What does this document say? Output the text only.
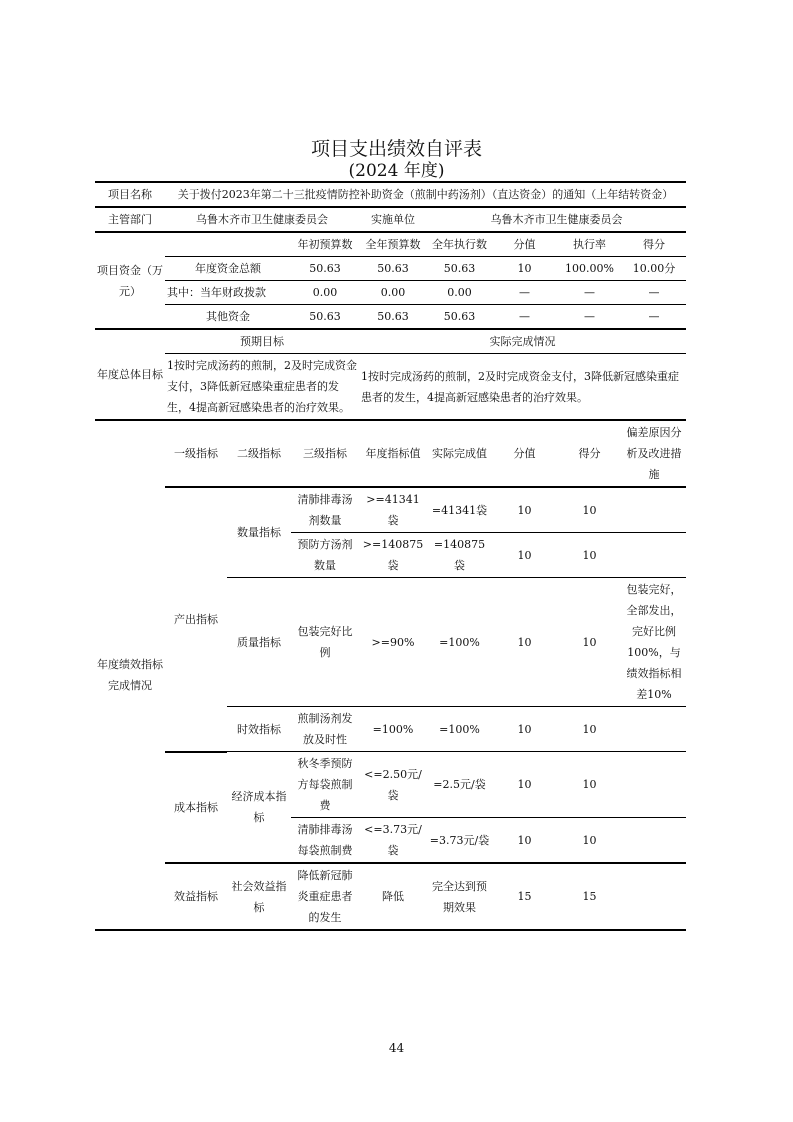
项目支出绩效自评表
(2024 年度)
项目名称	关于拨付2023年第二十三批疫情防控补助资金（煎制中药汤剂）（直达资金）的通知（上年结转资金）							
主管部门	乌鲁木齐市卫生健康委员会			实施单位	乌鲁木齐市卫生健康委员会			
项目资金（万元）			年初预算数	全年预算数	全年执行数	分值	执行率	得分
	年度资金总额		50.63	50.63	50.63	10	100.00%	10.00分
	其中：当年财政拨款		0.00	0.00	0.00	—	—	—
	其他资金		50.63	50.63	50.63	—	—	—
年度总体目标	预期目标			实际完成情况				
	1按时完成汤药的煎制，2及时完成资金支付，3降低新冠感染重症患者的发生，4提高新冠感染患者的治疗效果。			1按时完成汤药的煎制，2及时完成资金支付，3降低新冠感染重症患者的发生，4提高新冠感染患者的治疗效果。				
年度绩效指标完成情况	一级指标	二级指标	三级指标	年度指标值	实际完成值	分值	得分	偏差原因分析及改进措施
	产出指标	数量指标	清肺排毒汤剂数量	>=41341袋	=41341袋	10	10	
			预防方汤剂数量	>=140875袋	=140875袋	10	10	
		质量指标	包装完好比例	>=90%	=100%	10	10	包装完好，全部发出，完好比例100%，与绩效指标相差10%
		时效指标	煎制汤剂发放及时性	=100%	=100%	10	10	
	成本指标	经济成本指标	秋冬季预防方每袋煎制费	<=2.50元/袋	=2.5元/袋	10	10	
			清肺排毒汤每袋煎制费	<=3.73元/袋	=3.73元/袋	10	10	
	效益指标	社会效益指标	降低新冠肺炎重症患者的发生	降低	完全达到预期效果	15	15	
44
